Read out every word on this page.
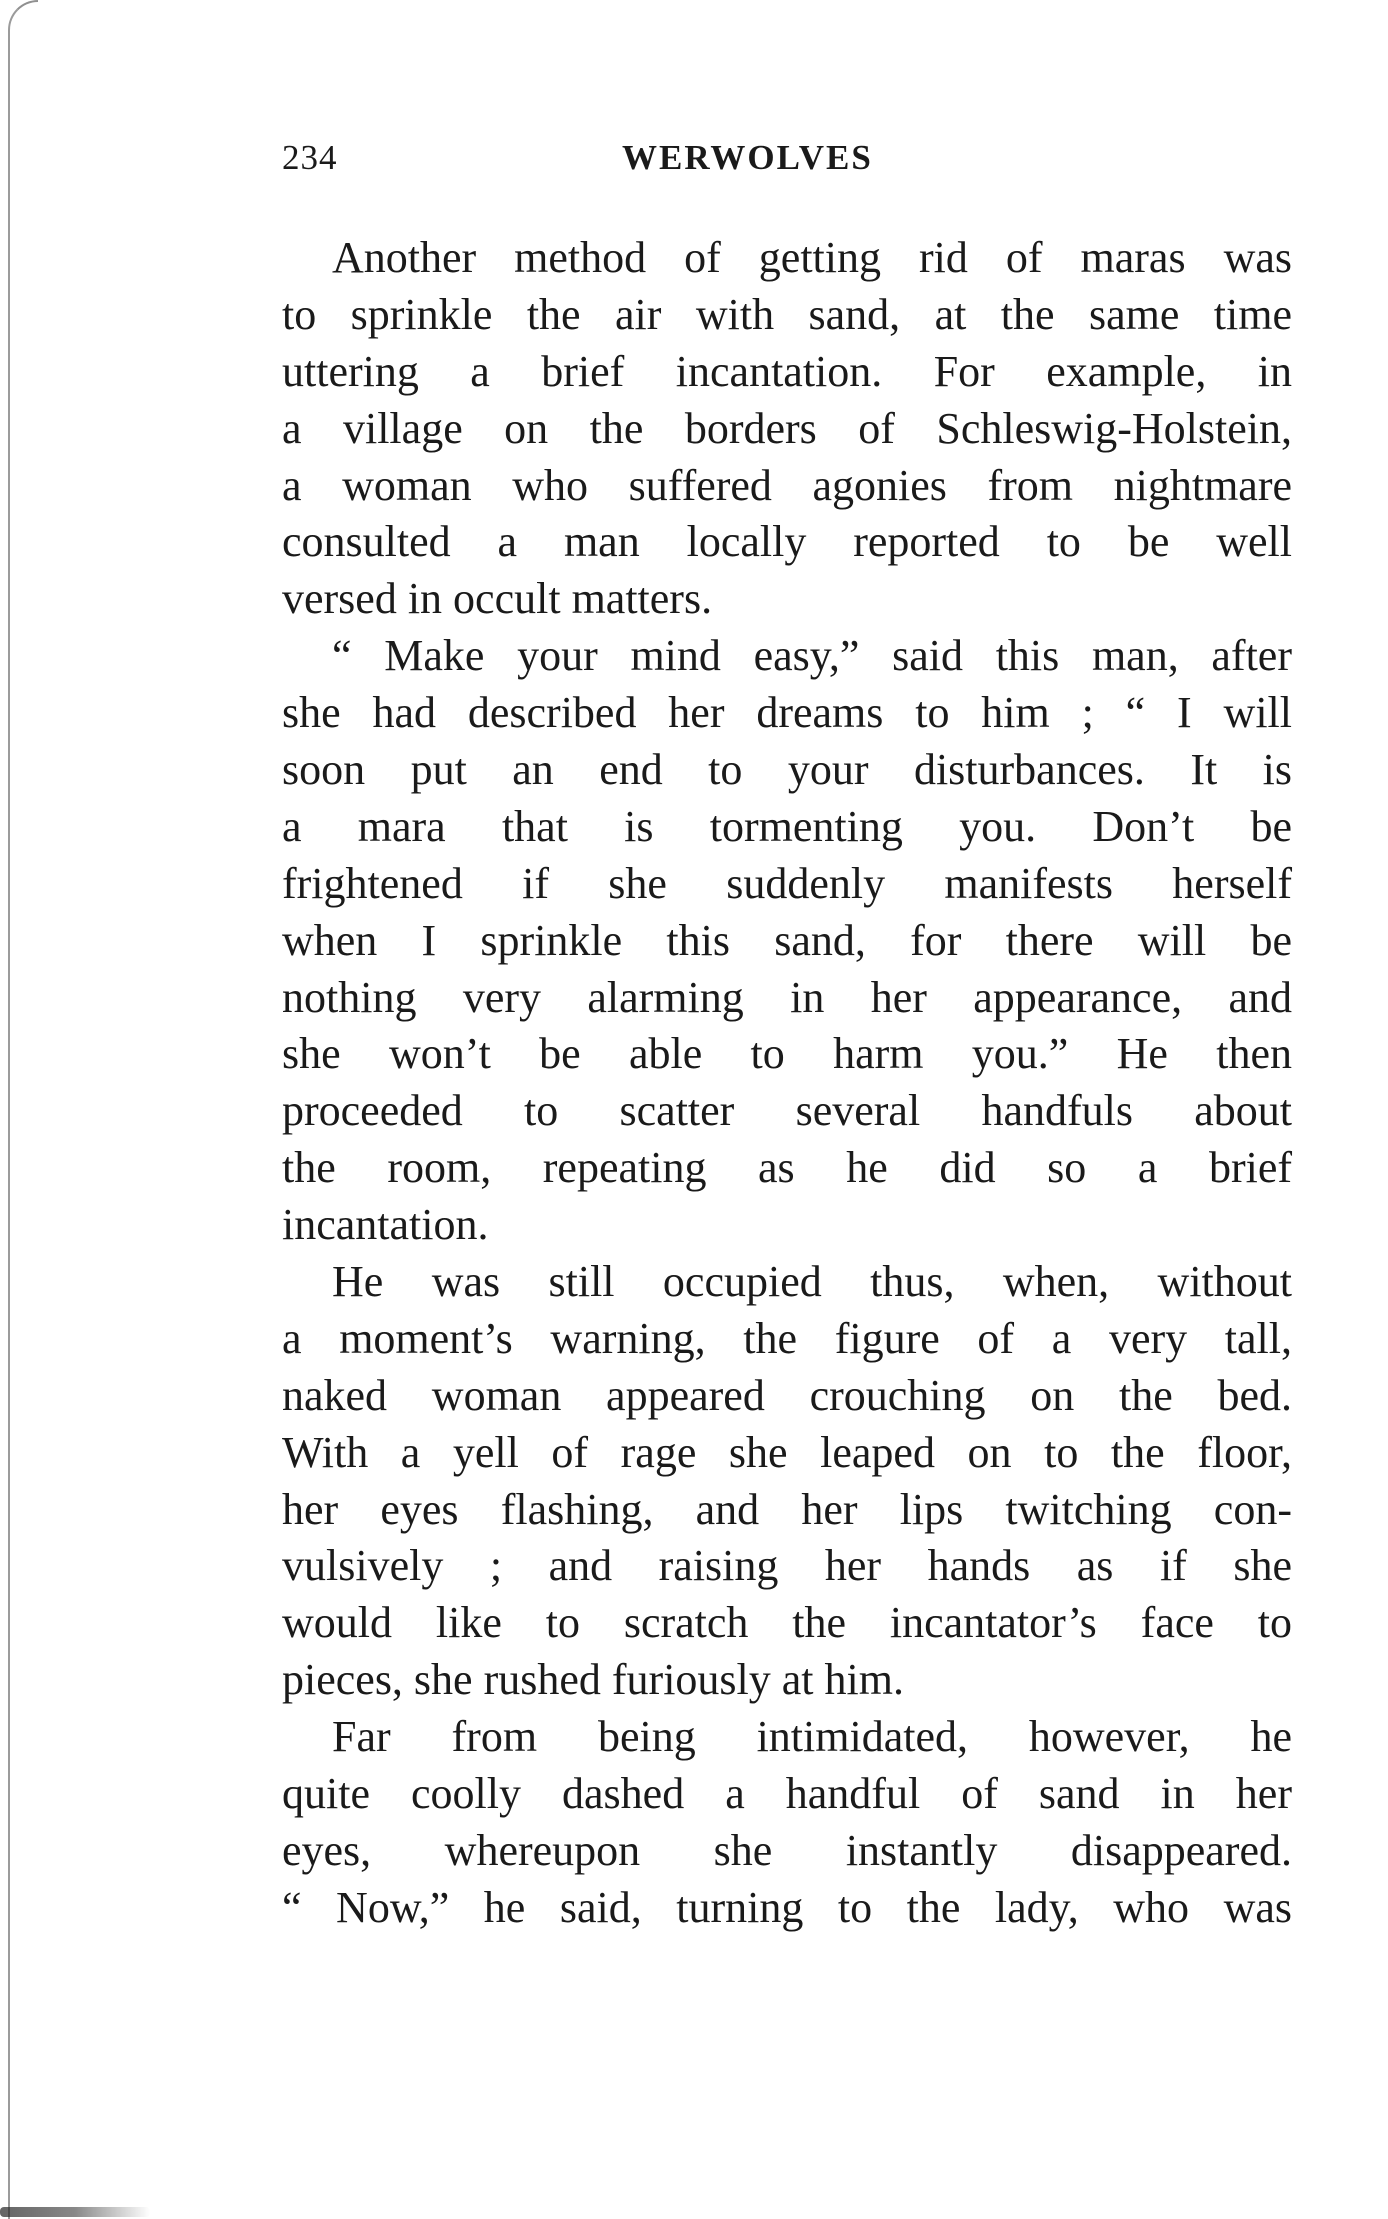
234	WERWOLVES
Another method of getting rid of maras was
to sprinkle the air with sand, at the same time
uttering a brief incantation. For example, in
a village on the borders of Schleswig-Holstein,
a woman who suffered agonies from nightmare
consulted a man locally reported to be well
versed in occult matters.
“ Make your mind easy,” said this man, after
she had described her dreams to him ; “ I will
soon put an end to your disturbances. It is
a mara that is tormenting you. Don’t be
frightened if she suddenly manifests herself
when I sprinkle this sand, for there will be
nothing very alarming in her appearance, and
she won’t be able to harm you.” He then
proceeded to scatter several handfuls about
the room, repeating as he did so a brief
incantation.
He was still occupied thus, when, without
a moment’s warning, the figure of a very tall,
naked woman appeared crouching on the bed.
With a yell of rage she leaped on to the floor,
her eyes flashing, and her lips twitching con-
vulsively ; and raising her hands as if she
would like to scratch the incantator’s face to
pieces, she rushed furiously at him.
Far from being intimidated, however, he
quite coolly dashed a handful of sand in her
eyes, whereupon she instantly disappeared.
“ Now,” he said, turning to the lady, who was
